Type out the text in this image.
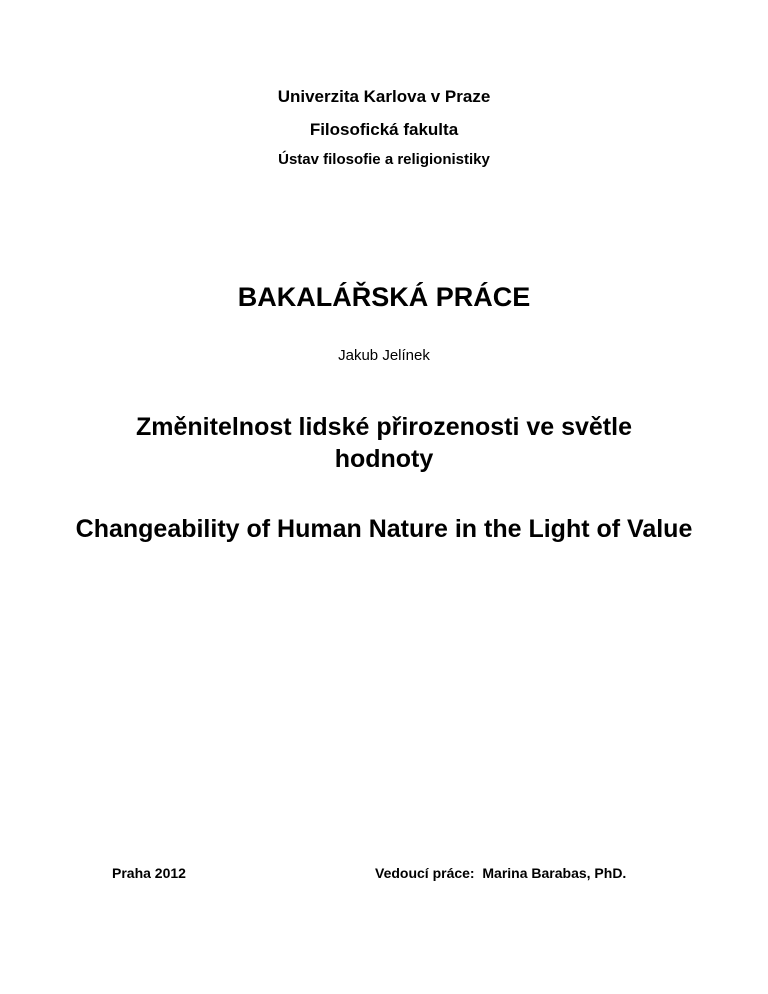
Univerzita Karlova v Praze
Filosofická fakulta
Ústav filosofie a religionistiky
BAKALÁŘSKÁ PRÁCE
Jakub Jelínek
Změnitelnost lidské přirozenosti ve světle hodnoty
Changeability of Human Nature in the Light of Value
Praha 2012	Vedoucí práce: Marina Barabas, PhD.
